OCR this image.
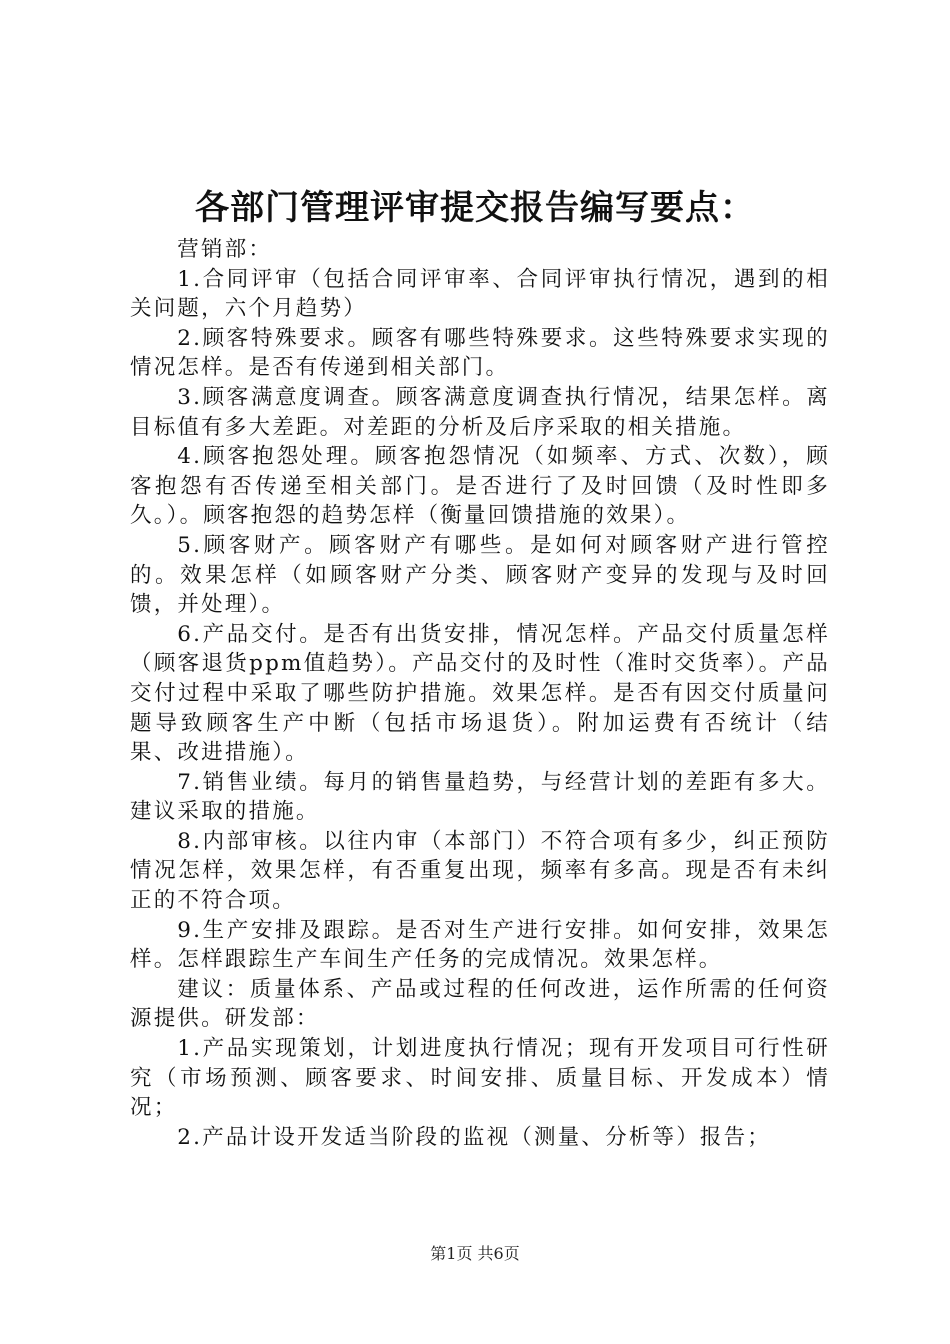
各部门管理评审提交报告编写要点：

营销部：

1.合同评审（包括合同评审率、合同评审执行情况，遇到的相关问题，六个月趋势）

2.顾客特殊要求。顾客有哪些特殊要求。这些特殊要求实现的情况怎样。是否有传递到相关部门。

3.顾客满意度调查。顾客满意度调查执行情况，结果怎样。离目标值有多大差距。对差距的分析及后序采取的相关措施。

4.顾客抱怨处理。顾客抱怨情况（如频率、方式、次数），顾客抱怨有否传递至相关部门。是否进行了及时回馈（及时性即多久。）。顾客抱怨的趋势怎样（衡量回馈措施的效果）。

5.顾客财产。顾客财产有哪些。是如何对顾客财产进行管控的。效果怎样（如顾客财产分类、顾客财产变异的发现与及时回馈，并处理）。

6.产品交付。是否有出货安排，情况怎样。产品交付质量怎样（顾客退货ppm值趋势）。产品交付的及时性（准时交货率）。产品交付过程中采取了哪些防护措施。效果怎样。是否有因交付质量问题导致顾客生产中断（包括市场退货）。附加运费有否统计（结果、改进措施）。

7.销售业绩。每月的销售量趋势，与经营计划的差距有多大。建议采取的措施。

8.内部审核。以往内审（本部门）不符合项有多少，纠正预防情况怎样，效果怎样，有否重复出现，频率有多高。现是否有未纠正的不符合项。

9.生产安排及跟踪。是否对生产进行安排。如何安排，效果怎样。怎样跟踪生产车间生产任务的完成情况。效果怎样。

建议：质量体系、产品或过程的任何改进，运作所需的任何资源提供。研发部：

1.产品实现策划，计划进度执行情况；现有开发项目可行性研究（市场预测、顾客要求、时间安排、质量目标、开发成本）情况；

2.产品计设开发适当阶段的监视（测量、分析等）报告；

第1页 共6页
